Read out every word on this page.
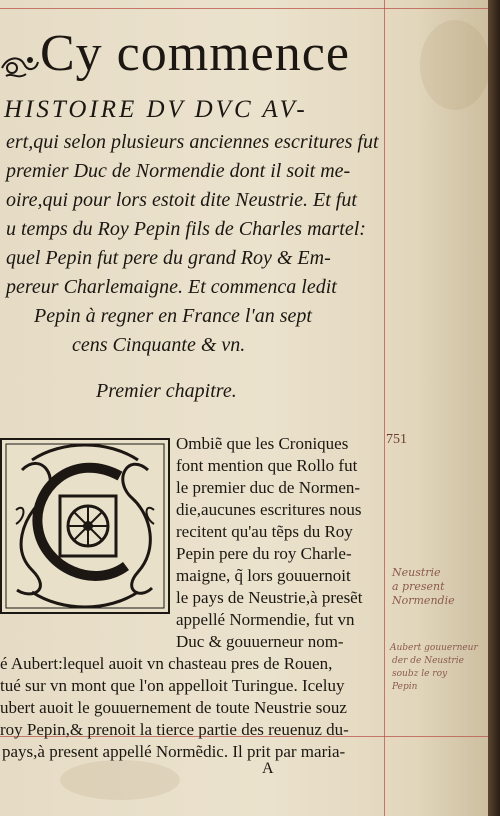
Cy commence
HISTOIRE DV DVC AV-
ert,qui selon plusieurs anciennes escritures fut
premier Duc de Normendie dont il soit me-
oire,qui pour lors estoit dite Neustrie. Et fut
u temps du Roy Pepin fils de Charles martel:
quel Pepin fut pere du grand Roy & Em-
pereur Charlemaigne. Et commenca ledit
Pepin à regner en France l'an sept
cens Cinquante & vn.
Premier chapitre.
Ombiẽ que les Croniques
font mention que Rollo fut
le premier duc de Normen-
die,aucunes escritures nous
recitent qu'au tẽps du Roy
Pepin pere du roy Charle-
maigne, q̃ lors gouuernoit
le pays de Neustrie,à presẽt
appellé Normendie, fut vn
Duc & gouuerneur nom-
é Aubert:lequel auoit vn chasteau pres de Rouen,
tué sur vn mont que l'on appelloit Turingue. Iceluy
ubert auoit le gouuernement de toute Neustrie souz
roy Pepin,& prenoit la tierce partie des reuenuz du-
pays,à present appellé Normẽdic. Il prit par maria-
A
751
Neustrie
a present
Normendie
Aubert gouuerneur
der de Neustrie
soubz le roy
Pepin
